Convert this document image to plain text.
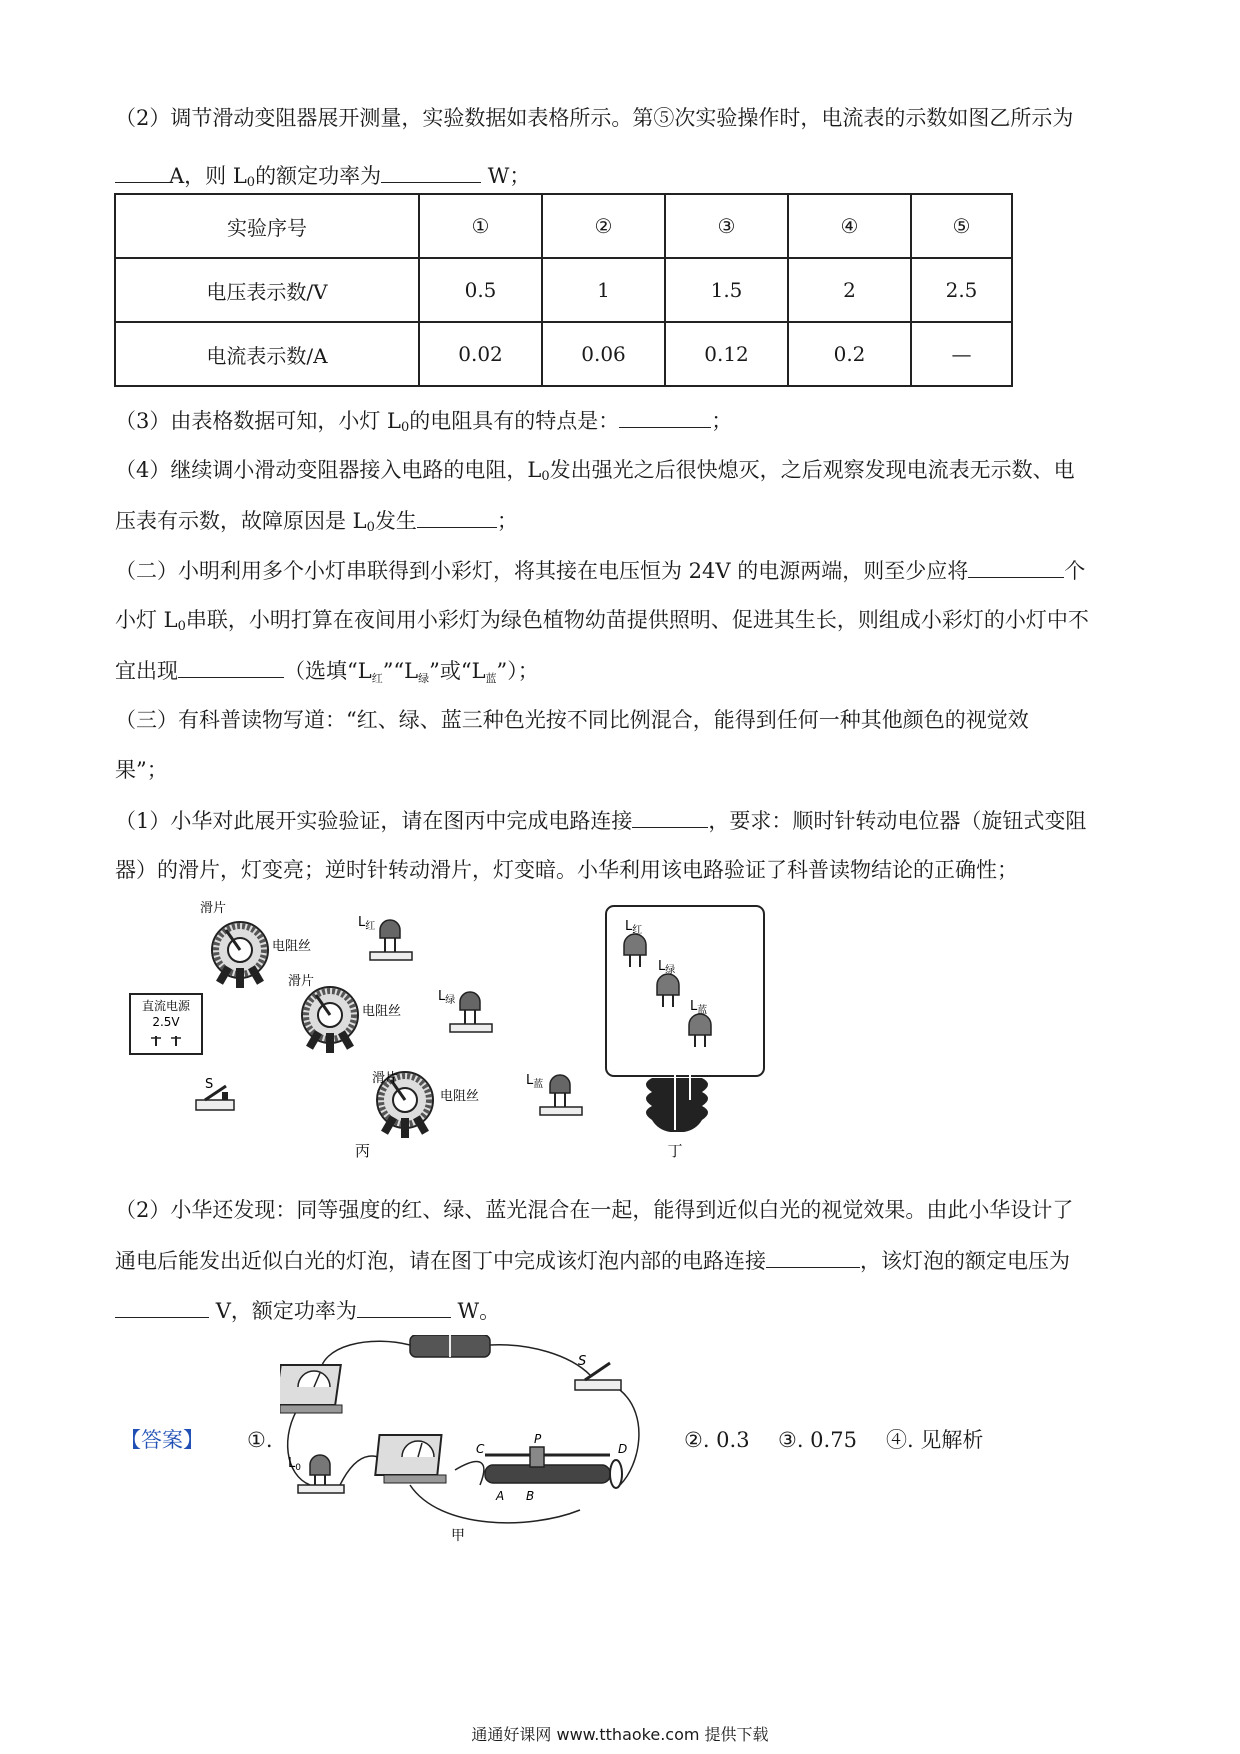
（2）调节滑动变阻器展开测量，实验数据如表格所示。第⑤次实验操作时，电流表的示数如图乙所示为
A，则 $L_0$的额定功率为	W；
实验序号	①	②	③	④	⑤
电压表示数/V	0.5	1	1.5	2	2.5
电流表示数/A	0.02	0.06	0.12	0.2	—
（3）由表格数据可知，小灯 $L_0$的电阻具有的特点是：	；
（4）继续调小滑动变阻器接入电路的电阻，$L_0$发出强光之后很快熄灭，之后观察发现电流表无示数、电
压表有示数，故障原因是 $L_0$发生	；
（二）小明利用多个小灯串联得到小彩灯，将其接在电压恒为 24V 的电源两端，则至少应将	个
小灯 $L_0$串联，小明打算在夜间用小彩灯为绿色植物幼苗提供照明、促进其生长，则组成小彩灯的小灯中不
宜出现	（选填“L红”“L绿”或“L蓝”）；
（三）有科普读物写道：“红、绿、蓝三种色光按不同比例混合，能得到任何一种其他颜色的视觉效
果”；
（1）小华对此展开实验验证，请在图丙中完成电路连接	，要求：顺时针转动电位器（旋钮式变阻
器）的滑片，灯变亮；逆时针转动滑片，灯变暗。小华利用该电路验证了科普读物结论的正确性；
滑片
电阻丝
滑片
电阻丝
滑片
电阻丝
直流电源
2.5V
S
$L_红$
$L_绿$
$L_蓝$
丙
$L_红$
$L_绿$
$L_蓝$
丁
（2）小华还发现：同等强度的红、绿、蓝光混合在一起，能得到近似白光的视觉效果。由此小华设计了
通电后能发出近似白光的灯泡，请在图丁中完成该灯泡内部的电路连接	，该灯泡的额定电压为
V，额定功率为	W。
【答案】 ①.	②. 0.3 ③. 0.75 ④. 见解析
S
$L_0$
C
P
D
A B
甲
通通好课网 www.tthaoke.com 提供下载
